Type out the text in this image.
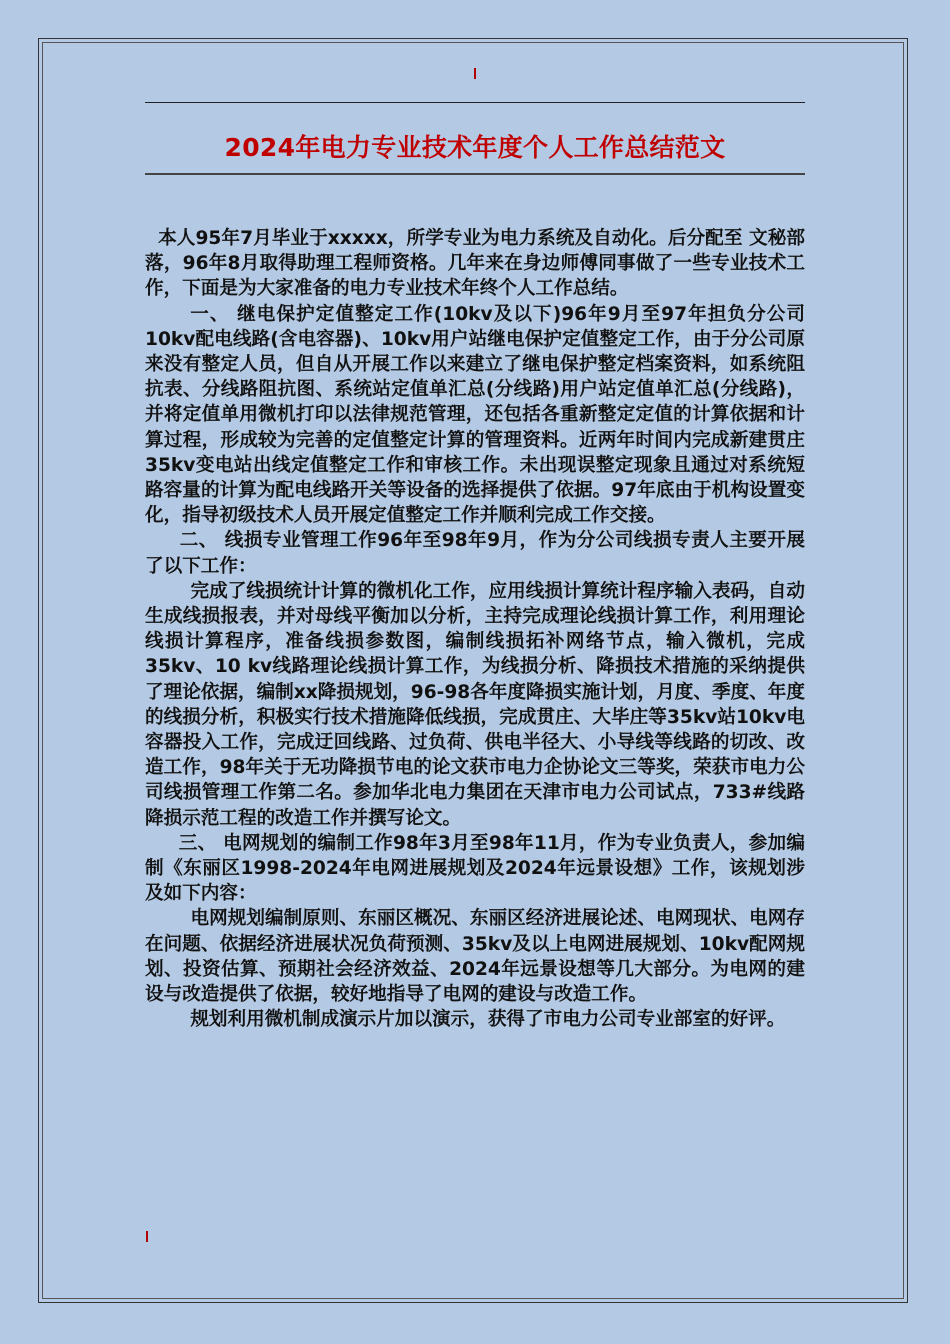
2024年电力专业技术年度个人工作总结范文

本人95年7月毕业于xxxxx，所学专业为电力系统及自动化。后分配至 文秘部落，96年8月取得助理工程师资格。几年来在身边师傅同事做了一些专业技术工作，下面是为大家准备的电力专业技术年终个人工作总结。

一、 继电保护定值整定工作(10kv及以下)96年9月至97年担负分公司10kv配电线路(含电容器)、10kv用户站继电保护定值整定工作，由于分公司原来没有整定人员，但自从开展工作以来建立了继电保护整定档案资料，如系统阻抗表、分线路阻抗图、系统站定值单汇总(分线路)用户站定值单汇总(分线路)，并将定值单用微机打印以法律规范管理，还包括各重新整定定值的计算依据和计算过程，形成较为完善的定值整定计算的管理资料。近两年时间内完成新建贯庄35kv变电站出线定值整定工作和审核工作。未出现误整定现象且通过对系统短路容量的计算为配电线路开关等设备的选择提供了依据。97年底由于机构设置变化，指导初级技术人员开展定值整定工作并顺利完成工作交接。

二、 线损专业管理工作96年至98年9月，作为分公司线损专责人主要开展了以下工作：

完成了线损统计计算的微机化工作，应用线损计算统计程序输入表码，自动生成线损报表，并对母线平衡加以分析，主持完成理论线损计算工作，利用理论线损计算程序，准备线损参数图，编制线损拓补网络节点，输入微机，完成35kv、10 kv线路理论线损计算工作，为线损分析、降损技术措施的采纳提供了理论依据，编制xx降损规划，96-98各年度降损实施计划，月度、季度、年度的线损分析，积极实行技术措施降低线损，完成贯庄、大毕庄等35kv站10kv电容器投入工作，完成迂回线路、过负荷、供电半径大、小导线等线路的切改、改造工作，98年关于无功降损节电的论文获市电力企协论文三等奖，荣获市电力公司线损管理工作第二名。参加华北电力集团在天津市电力公司试点，733#线路降损示范工程的改造工作并撰写论文。

三、 电网规划的编制工作98年3月至98年11月，作为专业负责人，参加编制《东丽区1998-2024年电网进展规划及2024年远景设想》工作，该规划涉及如下内容：

电网规划编制原则、东丽区概况、东丽区经济进展论述、电网现状、电网存在问题、依据经济进展状况负荷预测、35kv及以上电网进展规划、10kv配网规划、投资估算、预期社会经济效益、2024年远景设想等几大部分。为电网的建设与改造提供了依据，较好地指导了电网的建设与改造工作。

规划利用微机制成演示片加以演示，获得了市电力公司专业部室的好评。
